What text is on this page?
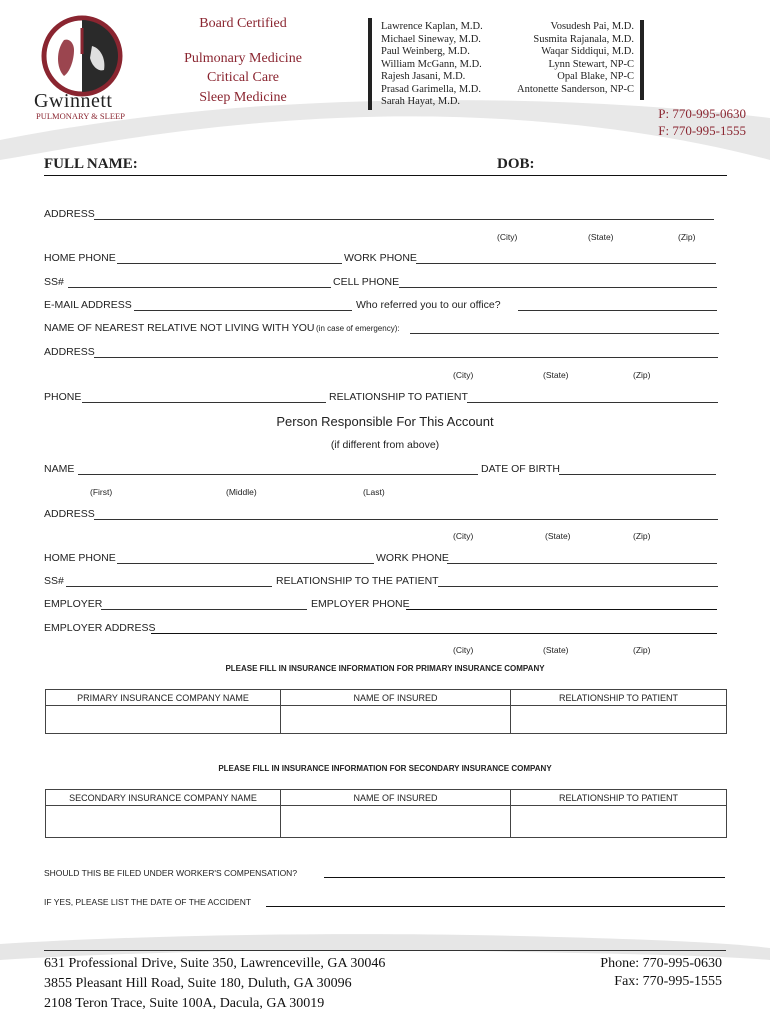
Gwinnett
PULMONARY & SLEEP
Board Certified
Pulmonary Medicine
Critical Care
Sleep Medicine
Lawrence Kaplan, M.D.
Michael Sineway, M.D.
Paul Weinberg, M.D.
William McGann, M.D.
Rajesh Jasani, M.D.
Prasad Garimella, M.D.
Sarah Hayat, M.D.
Vosudesh Pai, M.D.
Susmita Rajanala, M.D.
Waqar Siddiqui, M.D.
Lynn Stewart, NP-C
Opal Blake, NP-C
Antonette Sanderson, NP-C
P: 770-995-0630
F: 770-995-1555
FULL NAME:	DOB:
ADDRESS
(City)	(State)	(Zip)
HOME PHONE	WORK PHONE
SS#	CELL PHONE
E-MAIL ADDRESS	Who referred you to our office?
NAME OF NEAREST RELATIVE NOT LIVING WITH YOU (in case of emergency):
ADDRESS
(City)	(State)	(Zip)
PHONE	RELATIONSHIP TO PATIENT
Person Responsible For This Account
(if different from above)
NAME	DATE OF BIRTH
(First)	(Middle)	(Last)
ADDRESS
(City)	(State)	(Zip)
HOME PHONE	WORK PHONE
SS#	RELATIONSHIP TO THE PATIENT
EMPLOYER	EMPLOYER PHONE
EMPLOYER ADDRESS
(City)	(State)	(Zip)
PLEASE FILL IN INSURANCE INFORMATION FOR PRIMARY INSURANCE COMPANY
PRIMARY INSURANCE COMPANY NAME	NAME OF INSURED	RELATIONSHIP TO PATIENT

PLEASE FILL IN INSURANCE INFORMATION FOR SECONDARY INSURANCE COMPANY
SECONDARY INSURANCE COMPANY NAME	NAME OF INSURED	RELATIONSHIP TO PATIENT

SHOULD THIS BE FILED UNDER WORKER'S COMPENSATION?
IF YES, PLEASE LIST THE DATE OF THE ACCIDENT
631 Professional Drive, Suite 350, Lawrenceville, GA 30046
3855 Pleasant Hill Road, Suite 180, Duluth, GA 30096
2108 Teron Trace, Suite 100A, Dacula, GA 30019
Phone: 770-995-0630
Fax: 770-995-1555
